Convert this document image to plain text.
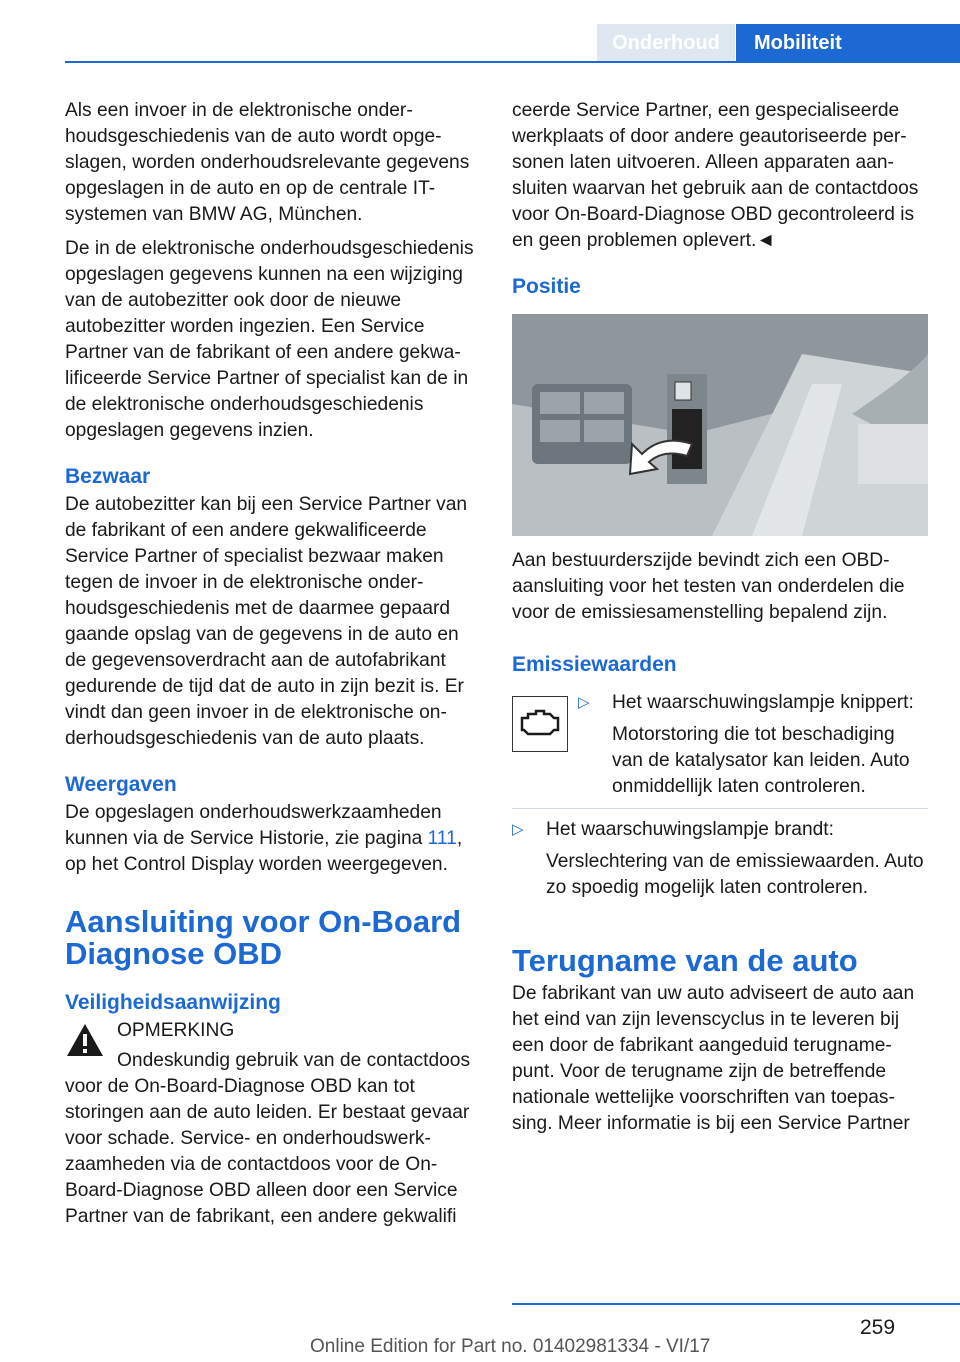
Onderhoud	Mobiliteit

Als een invoer in de elektronische onderhoudsgeschiedenis van de auto wordt opgeslagen, worden onderhoudsrelevante gegevens opgeslagen in de auto en op de centrale IT-systemen van BMW AG, München.

De in de elektronische onderhoudsgeschiedenis opgeslagen gegevens kunnen na een wijziging van de autobezitter ook door de nieuwe autobezitter worden ingezien. Een Service Partner van de fabrikant of een andere gekwalificeerde Service Partner of specialist kan de in de elektronische onderhoudsgeschiedenis opgeslagen gegevens inzien.

Bezwaar

De autobezitter kan bij een Service Partner van de fabrikant of een andere gekwalificeerde Service Partner of specialist bezwaar maken tegen de invoer in de elektronische onderhoudsgeschiedenis met de daarmee gepaard gaande opslag van de gegevens in de auto en de gegevensoverdracht aan de autofabrikant gedurende de tijd dat de auto in zijn bezit is. Er vindt dan geen invoer in de elektronische onderhoudsgeschiedenis van de auto plaats.

Weergaven

De opgeslagen onderhoudswerkzaamheden kunnen via de Service Historie, zie pagina 111, op het Control Display worden weergegeven.

Aansluiting voor On-Board Diagnose OBD
Veiligheidsaanwijzing
OPMERKING

Ondeskundig gebruik van de contactdoos voor de On-Board-Diagnose OBD kan tot storingen aan de auto leiden. Er bestaat gevaar voor schade. Service- en onderhoudswerkzaamheden via de contactdoos voor de On-Board-Diagnose OBD alleen door een Service Partner van de fabrikant, een andere gekwalifi

ceerde Service Partner, een gespecialiseerde werkplaats of door andere geautoriseerde personen laten uitvoeren. Alleen apparaten aansluiten waarvan het gebruik aan de contactdoos voor On-Board-Diagnose OBD gecontroleerd is en geen problemen oplevert.◄

Positie

Aan bestuurderszijde bevindt zich een OBD-aansluiting voor het testen van onderdelen die voor de emissiesamenstelling bepalend zijn.

Emissiewaarden
▷ Het waarschuwingslampje knippert:
Motorstoring die tot beschadiging van de katalysator kan leiden. Auto onmiddellijk laten controleren.
▷ Het waarschuwingslampje brandt:
Verslechtering van de emissiewaarden. Auto zo spoedig mogelijk laten controleren.
Terugname van de auto

De fabrikant van uw auto adviseert de auto aan het eind van zijn levenscyclus in te leveren bij een door de fabrikant aangeduid terugnamepunt. Voor de terugname zijn de betreffende nationale wettelijke voorschriften van toepassing. Meer informatie is bij een Service Partner

259
Online Edition for Part no. 01402981334 - VI/17
